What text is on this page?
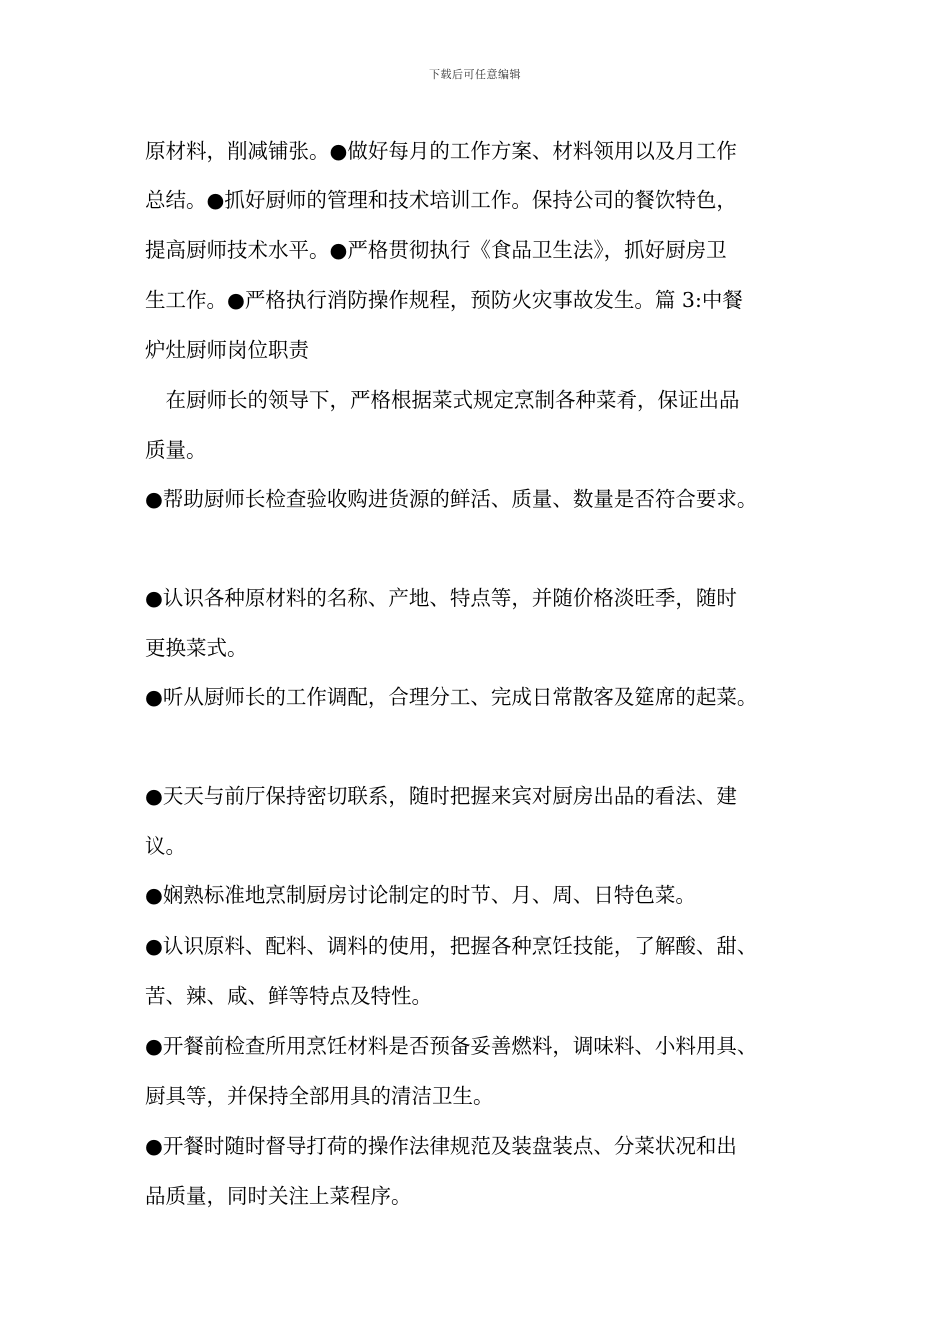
下载后可任意编辑
原材料，削减铺张。●做好每月的工作方案、材料领用以及月工作
总结。●抓好厨师的管理和技术培训工作。保持公司的餐饮特色，
提高厨师技术水平。●严格贯彻执行《食品卫生法》，抓好厨房卫
生工作。●严格执行消防操作规程，预防火灾事故发生。篇 3:中餐
炉灶厨师岗位职责
　在厨师长的领导下，严格根据菜式规定烹制各种菜肴，保证出品
质量。
●帮助厨师长检查验收购进货源的鲜活、质量、数量是否符合要求。
●认识各种原材料的名称、产地、特点等，并随价格淡旺季，随时
更换菜式。
●听从厨师长的工作调配，合理分工、完成日常散客及筵席的起菜。
●天天与前厅保持密切联系，随时把握来宾对厨房出品的看法、建
议。
●娴熟标准地烹制厨房讨论制定的时节、月、周、日特色菜。
●认识原料、配料、调料的使用，把握各种烹饪技能，了解酸、甜、
苦、辣、咸、鲜等特点及特性。
●开餐前检查所用烹饪材料是否预备妥善燃料，调味料、小料用具、
厨具等，并保持全部用具的清洁卫生。
●开餐时随时督导打荷的操作法律规范及装盘装点、分菜状况和出
品质量，同时关注上菜程序。
